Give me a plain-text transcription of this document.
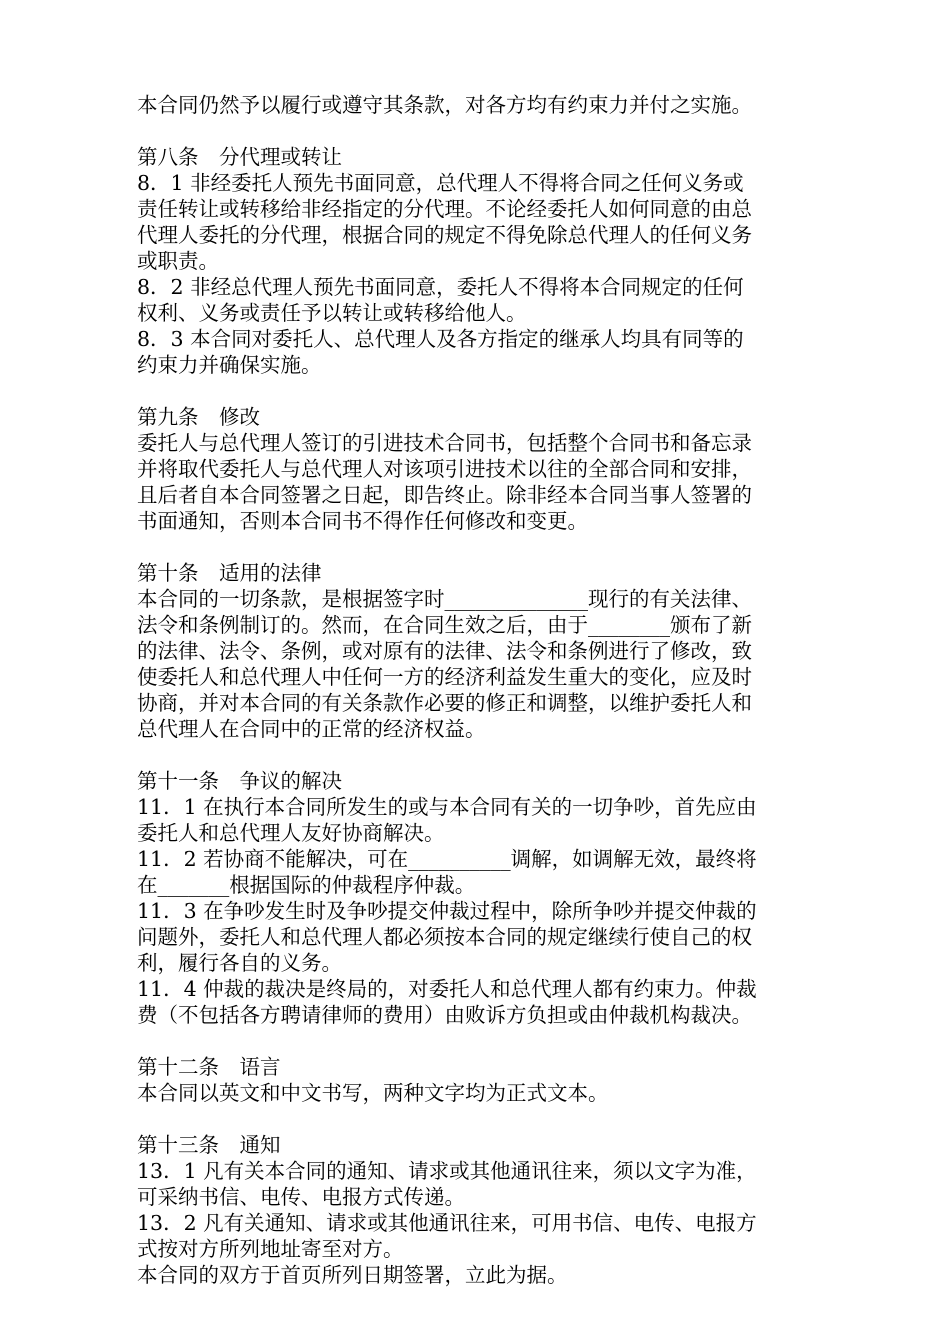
本合同仍然予以履行或遵守其条款，对各方均有约束力并付之实施。
第八条　分代理或转让
8．1 非经委托人预先书面同意，总代理人不得将合同之任何义务或
责任转让或转移给非经指定的分代理。不论经委托人如何同意的由总
代理人委托的分代理，根据合同的规定不得免除总代理人的任何义务
或职责。
8．2 非经总代理人预先书面同意，委托人不得将本合同规定的任何
权利、义务或责任予以转让或转移给他人。
8．3 本合同对委托人、总代理人及各方指定的继承人均具有同等的
约束力并确保实施。
第九条　修改
委托人与总代理人签订的引进技术合同书，包括整个合同书和备忘录
并将取代委托人与总代理人对该项引进技术以往的全部合同和安排，
且后者自本合同签署之日起，即告终止。除非经本合同当事人签署的
书面通知，否则本合同书不得作任何修改和变更。
第十条　适用的法律
本合同的一切条款，是根据签字时______________现行的有关法律、
法令和条例制订的。然而，在合同生效之后，由于________颁布了新
的法律、法令、条例，或对原有的法律、法令和条例进行了修改，致
使委托人和总代理人中任何一方的经济利益发生重大的变化，应及时
协商，并对本合同的有关条款作必要的修正和调整，以维护委托人和
总代理人在合同中的正常的经济权益。
第十一条　争议的解决
11．1 在执行本合同所发生的或与本合同有关的一切争吵，首先应由
委托人和总代理人友好协商解决。
11．2 若协商不能解决，可在__________调解，如调解无效，最终将
在_______根据国际的仲裁程序仲裁。
11．3 在争吵发生时及争吵提交仲裁过程中，除所争吵并提交仲裁的
问题外，委托人和总代理人都必须按本合同的规定继续行使自己的权
利，履行各自的义务。
11．4 仲裁的裁决是终局的，对委托人和总代理人都有约束力。仲裁
费（不包括各方聘请律师的费用）由败诉方负担或由仲裁机构裁决。
第十二条　语言
本合同以英文和中文书写，两种文字均为正式文本。
第十三条　通知
13．1 凡有关本合同的通知、请求或其他通讯往来，须以文字为准，
可采纳书信、电传、电报方式传递。
13．2 凡有关通知、请求或其他通讯往来，可用书信、电传、电报方
式按对方所列地址寄至对方。
本合同的双方于首页所列日期签署，立此为据。
